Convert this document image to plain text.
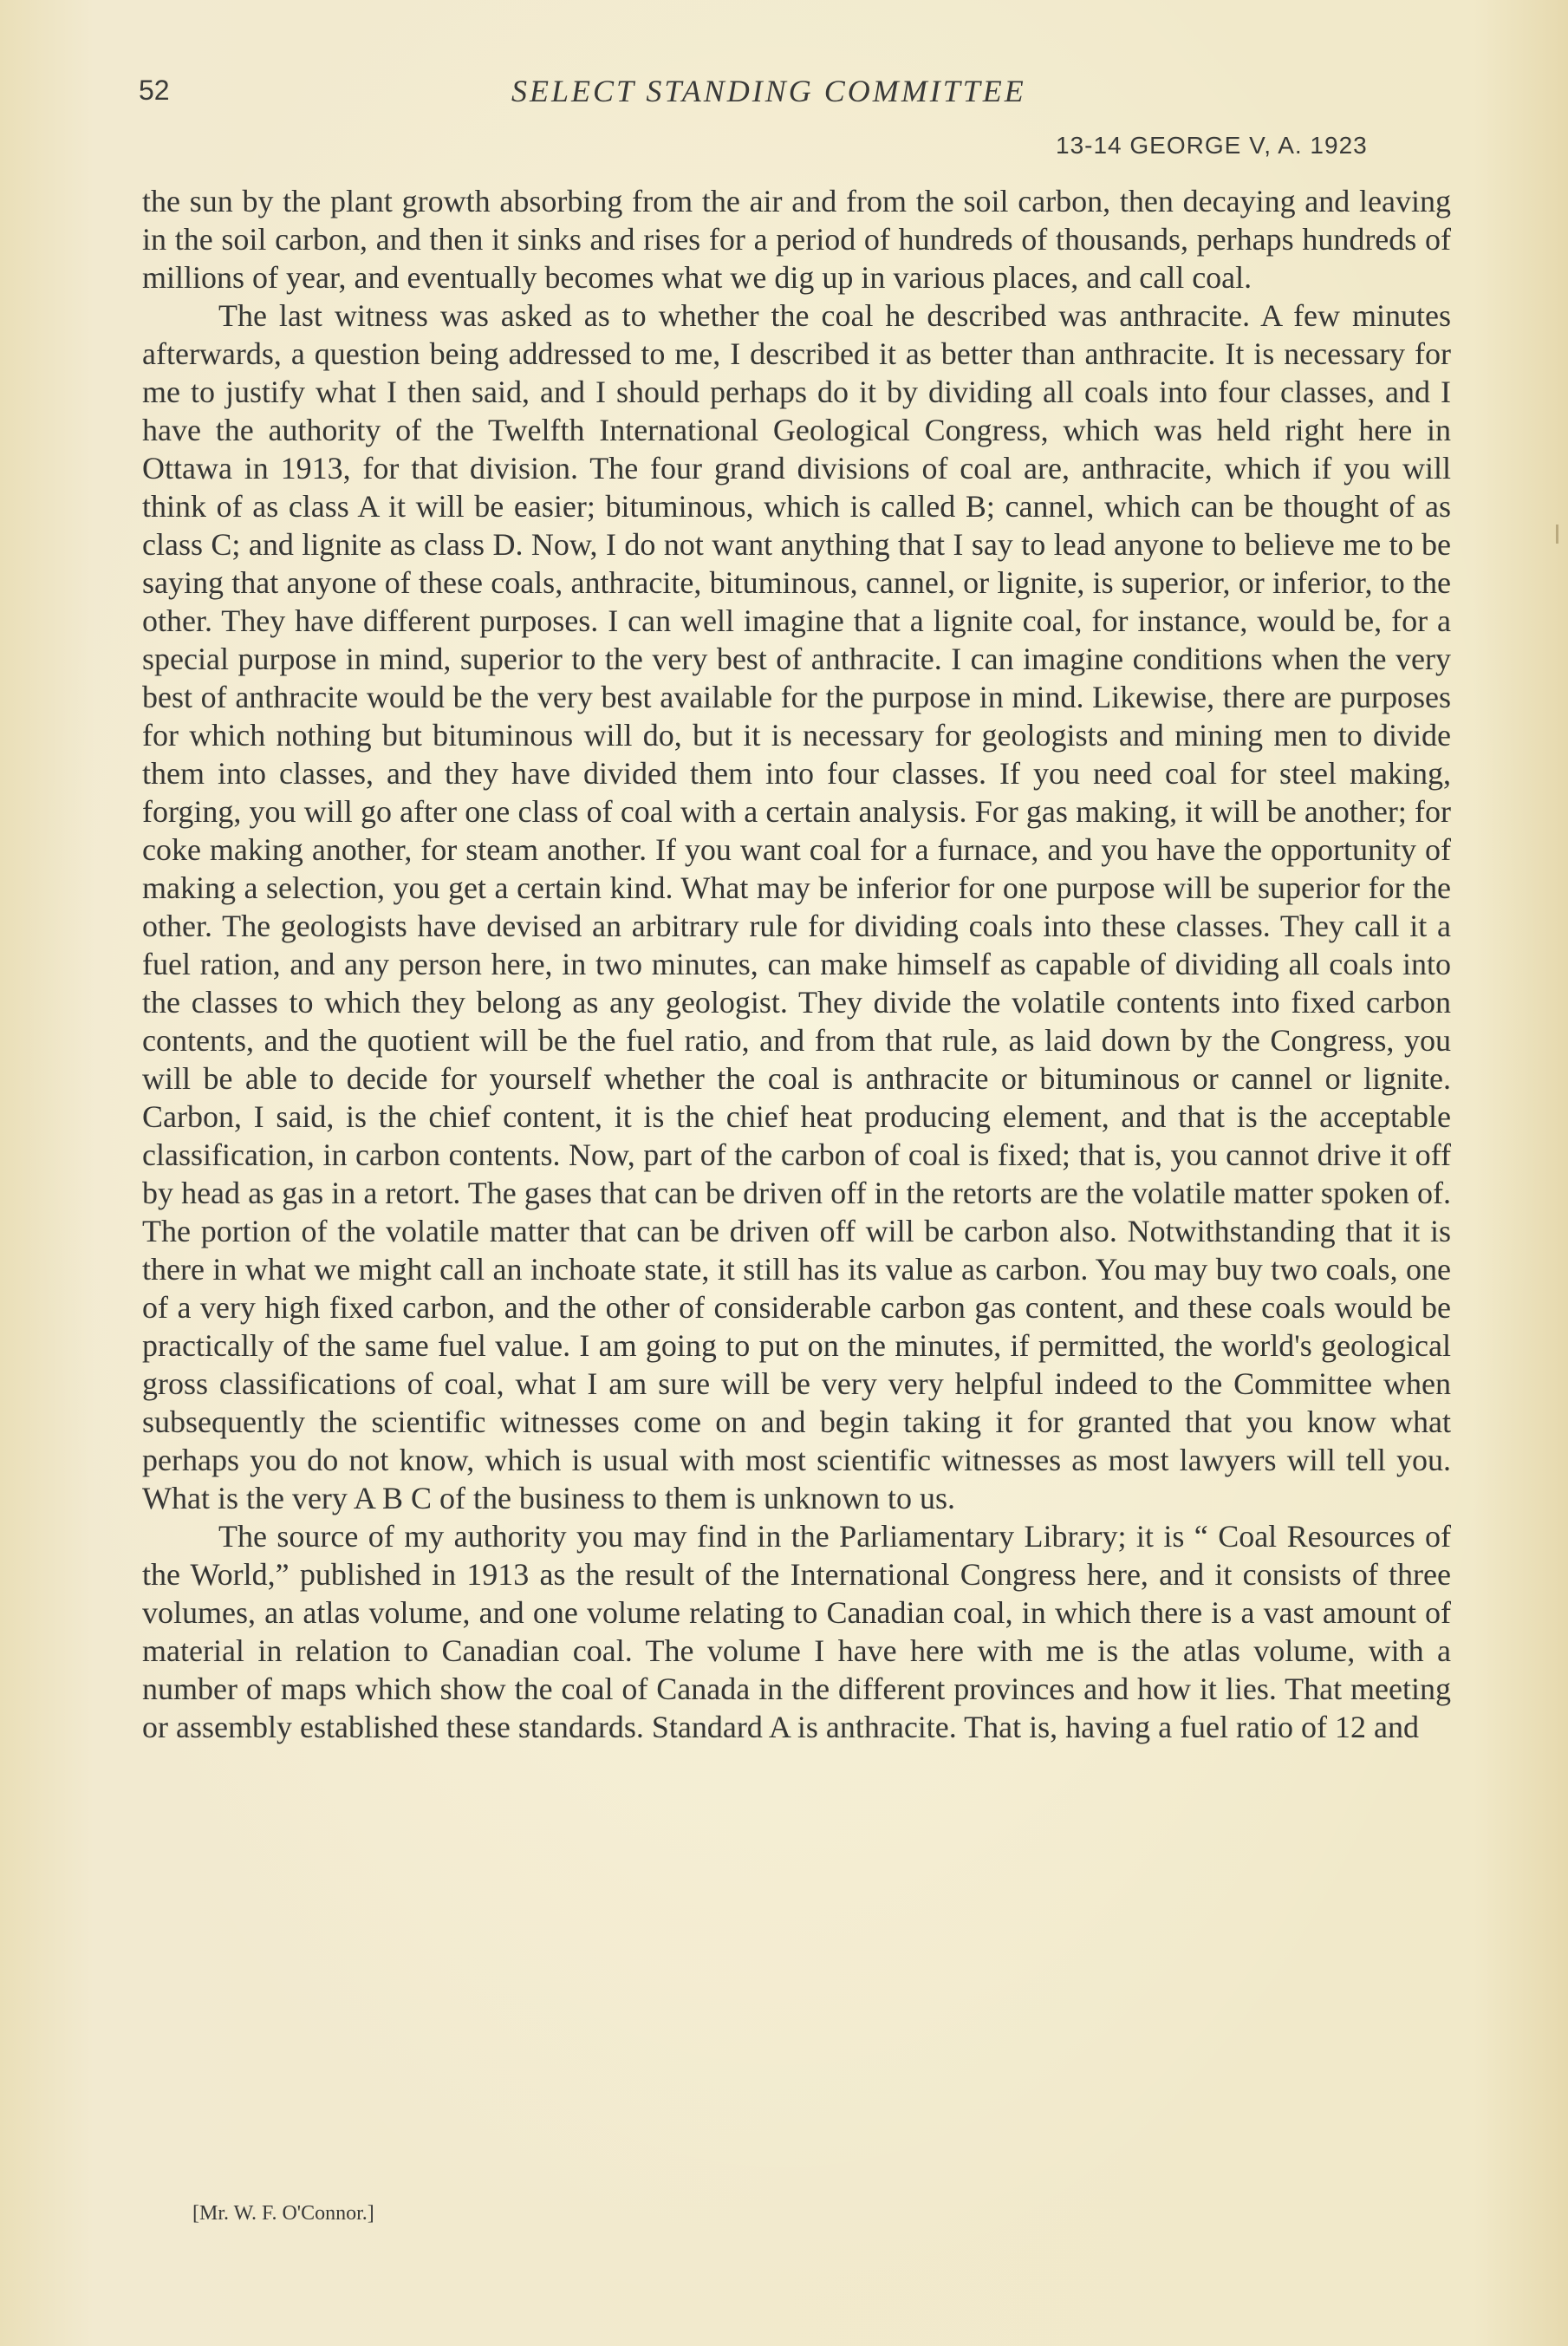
52	SELECT STANDING COMMITTEE
13-14 GEORGE V, A. 1923

the sun by the plant growth absorbing from the air and from the soil carbon, then decaying and leaving in the soil carbon, and then it sinks and rises for a period of hundreds of thousands, perhaps hundreds of millions of year, and eventually becomes what we dig up in various places, and call coal.

The last witness was asked as to whether the coal he described was anthracite. A few minutes afterwards, a question being addressed to me, I described it as better than anthracite. It is necessary for me to justify what I then said, and I should perhaps do it by dividing all coals into four classes, and I have the authority of the Twelfth International Geological Congress, which was held right here in Ottawa in 1913, for that division. The four grand divisions of coal are, anthracite, which if you will think of as class A it will be easier; bituminous, which is called B; cannel, which can be thought of as class C; and lignite as class D. Now, I do not want anything that I say to lead anyone to believe me to be saying that anyone of these coals, anthracite, bituminous, cannel, or lignite, is superior, or inferior, to the other. They have different purposes. I can well imagine that a lignite coal, for instance, would be, for a special purpose in mind, superior to the very best of anthracite. I can imagine conditions when the very best of anthracite would be the very best available for the purpose in mind. Likewise, there are purposes for which nothing but bituminous will do, but it is necessary for geologists and mining men to divide them into classes, and they have divided them into four classes. If you need coal for steel making, forging, you will go after one class of coal with a certain analysis. For gas making, it will be another; for coke making another, for steam another. If you want coal for a furnace, and you have the opportunity of making a selection, you get a certain kind. What may be inferior for one purpose will be superior for the other. The geologists have devised an arbitrary rule for dividing coals into these classes. They call it a fuel ration, and any person here, in two minutes, can make himself as capable of dividing all coals into the classes to which they belong as any geologist. They divide the volatile contents into fixed carbon contents, and the quotient will be the fuel ratio, and from that rule, as laid down by the Congress, you will be able to decide for yourself whether the coal is anthracite or bituminous or cannel or lignite. Carbon, I said, is the chief content, it is the chief heat producing element, and that is the acceptable classification, in carbon contents. Now, part of the carbon of coal is fixed; that is, you cannot drive it off by head as gas in a retort. The gases that can be driven off in the retorts are the volatile matter spoken of. The portion of the volatile matter that can be driven off will be carbon also. Notwithstanding that it is there in what we might call an inchoate state, it still has its value as carbon. You may buy two coals, one of a very high fixed carbon, and the other of considerable carbon gas content, and these coals would be practically of the same fuel value. I am going to put on the minutes, if permitted, the world's geological gross classifications of coal, what I am sure will be very very helpful indeed to the Committee when subsequently the scientific witnesses come on and begin taking it for granted that you know what perhaps you do not know, which is usual with most scientific witnesses as most lawyers will tell you. What is the very A B C of the business to them is unknown to us.

The source of my authority you may find in the Parliamentary Library; it is “ Coal Resources of the World,” published in 1913 as the result of the International Congress here, and it consists of three volumes, an atlas volume, and one volume relating to Canadian coal, in which there is a vast amount of material in relation to Canadian coal. The volume I have here with me is the atlas volume, with a number of maps which show the coal of Canada in the different provinces and how it lies. That meeting or assembly established these standards. Standard A is anthracite. That is, having a fuel ratio of 12 and

[Mr. W. F. O'Connor.]
